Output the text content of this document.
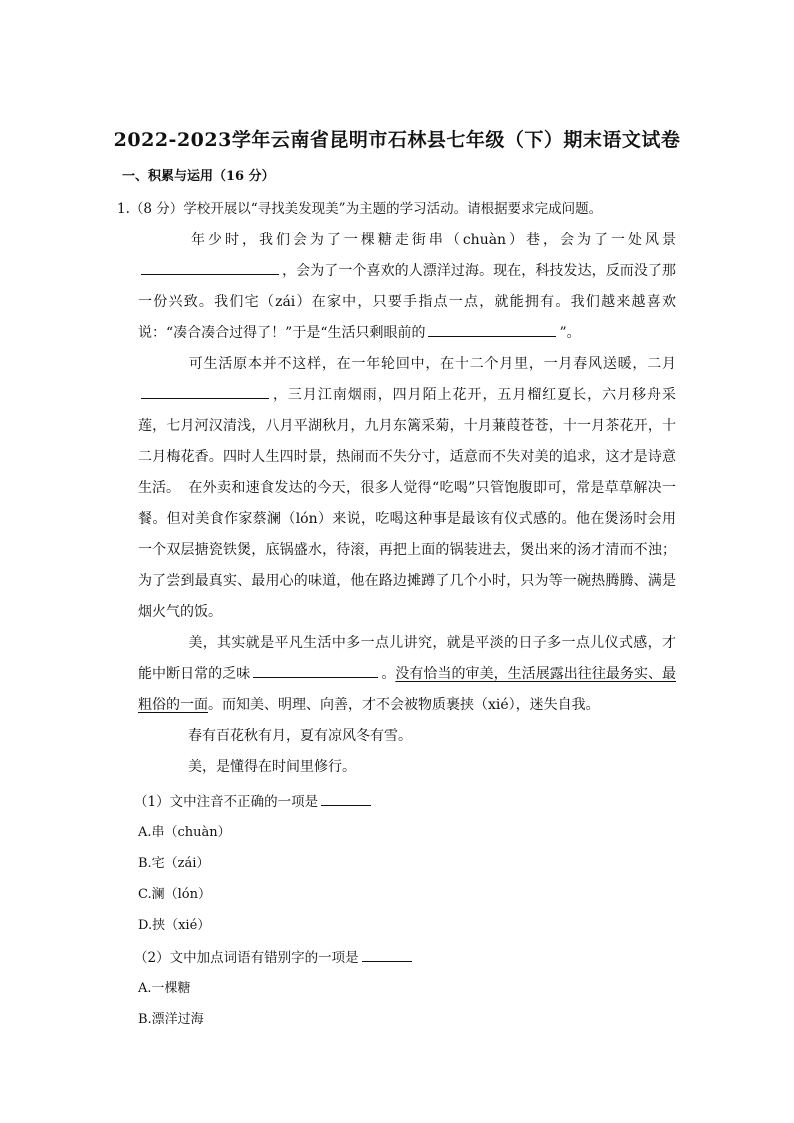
2022-2023学年云南省昆明市石林县七年级（下）期末语文试卷
一、积累与运用（16 分）
1.（8 分）学校开展以“寻找美发现美”为主题的学习活动。请根据要求完成问题。
年少时，我们会为了一棵糖走街串（chuàn）巷，会为了一处风景，会为了一个喜欢的人漂洋过海。现在，科技发达，反而没了那一份兴致。我们宅（zái）在家中，只要手指点一点，就能拥有。我们越来越喜欢说：“凑合凑合过得了！”于是“生活只剩眼前的	”。
可生活原本并不这样，在一年轮回中，在十二个月里，一月春风送暖，二月，三月江南烟雨，四月陌上花开，五月榴红夏长，六月移舟采莲，七月河汉清浅，八月平湖秋月，九月东篱采菊，十月蒹葭苍苍，十一月茶花开，十二月梅花香。四时人生四时景，热闹而不失分寸，适意而不失对美的追求，这才是诗意生活。 在外卖和速食发达的今天，很多人觉得“吃喝”只管饱腹即可，常是草草解决一餐。但对美食作家蔡澜（lón）来说，吃喝这种事是最该有仪式感的。他在煲汤时会用一个双层搪瓷铁煲，底锅盛水，待滚，再把上面的锅装进去，煲出来的汤才清而不浊；为了尝到最真实、最用心的味道，他在路边摊蹲了几个小时，只为等一碗热腾腾、满是烟火气的饭。
美，其实就是平凡生活中多一点儿讲究，就是平淡的日子多一点儿仪式感，才能中断日常的乏味	。没有恰当的审美，生活展露出往往最务实、最粗俗的一面。而知美、明理、向善，才不会被物质裹挟（xié），迷失自我。
春有百花秋有月，夏有凉风冬有雪。
美，是懂得在时间里修行。
（1）文中注音不正确的一项是
A.串（chuàn）
B.宅（zái）
C.澜（lón）
D.挟（xié）
（2）文中加点词语有错别字的一项是
A.一棵糖
B.漂洋过海
